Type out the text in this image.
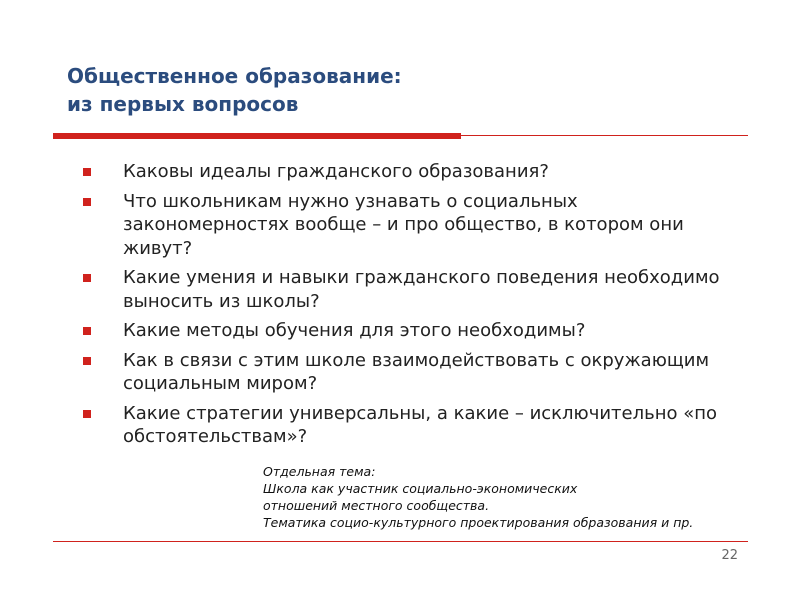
Общественное образование:
из первых вопросов
Каковы идеалы гражданского образования?
Что школьникам нужно узнавать о социальных закономерностях вообще – и про общество, в котором они живут?
Какие умения и навыки гражданского поведения необходимо выносить из школы?
Какие методы обучения для этого необходимы?
Как в связи с этим школе взаимодействовать с окружающим социальным миром?
Какие стратегии универсальны, а какие – исключительно «по обстоятельствам»?

Отдельная тема:
Школа как участник социально-экономических
отношений местного сообщества.
Тематика социо-культурного проектирования образования и пр.

22
